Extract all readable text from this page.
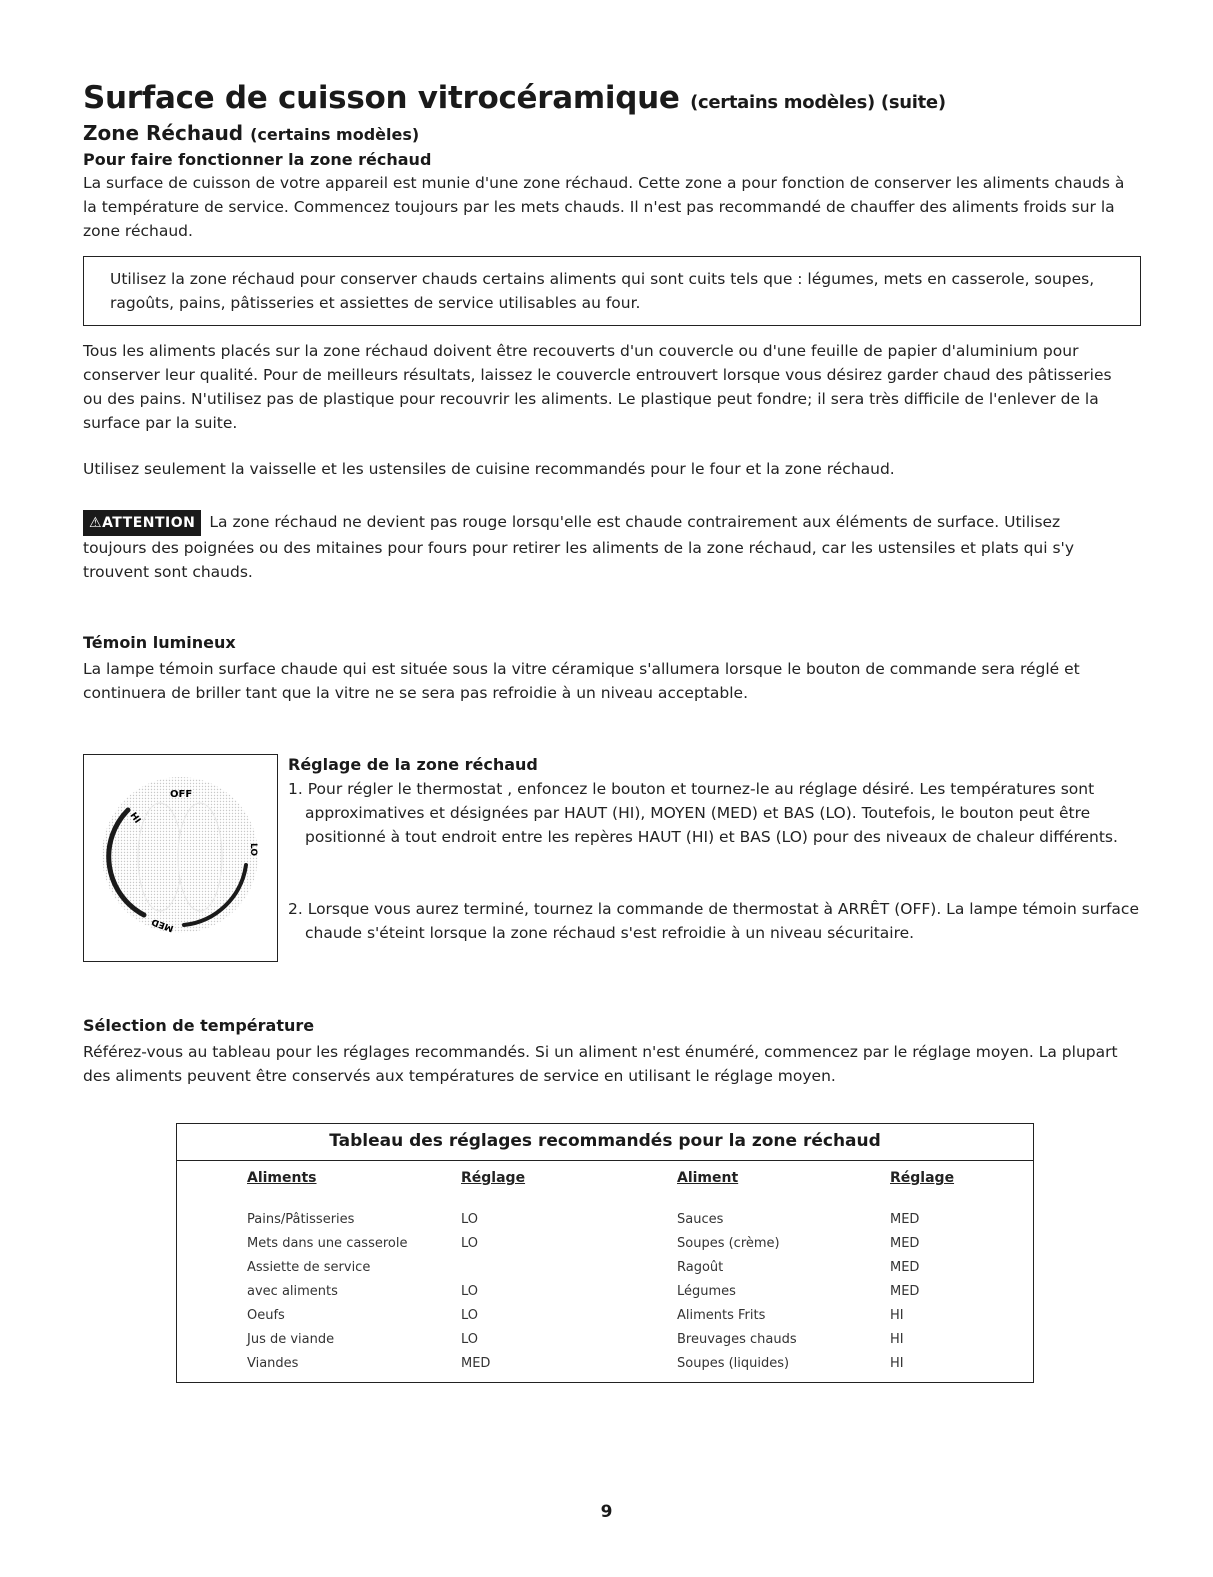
Surface de cuisson vitrocéramique (certains modèles) (suite)
Zone Réchaud (certains modèles)
Pour faire fonctionner la zone réchaud
La surface de cuisson de votre appareil est munie d'une zone réchaud. Cette zone a pour fonction de conserver les aliments chauds à la température de service. Commencez toujours par les mets chauds. Il n'est pas recommandé de chauffer des aliments froids sur la zone réchaud.

Utilisez la zone réchaud pour conserver chauds certains aliments qui sont cuits tels que : légumes, mets en casserole, soupes, ragoûts, pains, pâtisseries et assiettes de service utilisables au four.

Tous les aliments placés sur la zone réchaud doivent être recouverts d'un couvercle ou d'une feuille de papier d'aluminium pour conserver leur qualité. Pour de meilleurs résultats, laissez le couvercle entrouvert lorsque vous désirez garder chaud des pâtisseries ou des pains. N'utilisez pas de plastique pour recouvrir les aliments. Le plastique peut fondre; il sera très difficile de l'enlever de la surface par la suite.
Utilisez seulement la vaisselle et les ustensiles de cuisine recommandés pour le four et la zone réchaud.
⚠ATTENTION La zone réchaud ne devient pas rouge lorsqu'elle est chaude contrairement aux éléments de surface. Utilisez toujours des poignées ou des mitaines pour fours pour retirer les aliments de la zone réchaud, car les ustensiles et plats qui s'y trouvent sont chauds.
Témoin lumineux
La lampe témoin surface chaude qui est située sous la vitre céramique s'allumera lorsque le bouton de commande sera réglé et continuera de briller tant que la vitre ne se sera pas refroidie à un niveau acceptable.
OFF
HI
LO
MED
Réglage de la zone réchaud
1. Pour régler le thermostat , enfoncez le bouton et tournez-le au réglage désiré. Les températures sont approximatives et désignées par HAUT (HI), MOYEN (MED) et BAS (LO). Toutefois, le bouton peut être positionné à tout endroit entre les repères HAUT (HI) et BAS (LO) pour des niveaux de chaleur différents.
2. Lorsque vous aurez terminé, tournez la commande de thermostat à ARRÊT (OFF). La lampe témoin surface chaude s'éteint lorsque la zone réchaud s'est refroidie à un niveau sécuritaire.
Sélection de température
Référez-vous au tableau pour les réglages recommandés. Si un aliment n'est énuméré, commencez par le réglage moyen. La plupart des aliments peuvent être conservés aux températures de service en utilisant le réglage moyen.
Tableau des réglages recommandés pour la zone réchaud
Aliments
Pains/Pâtisseries
Mets dans une casserole
Assiette de service
avec aliments
Oeufs
Jus de viande
Viandes
Réglage
LO
LO
LO
LO
LO
MED
Aliment
Sauces
Soupes (crème)
Ragoût
Légumes
Aliments Frits
Breuvages chauds
Soupes (liquides)
Réglage
MED
MED
MED
MED
HI
HI
HI
9
